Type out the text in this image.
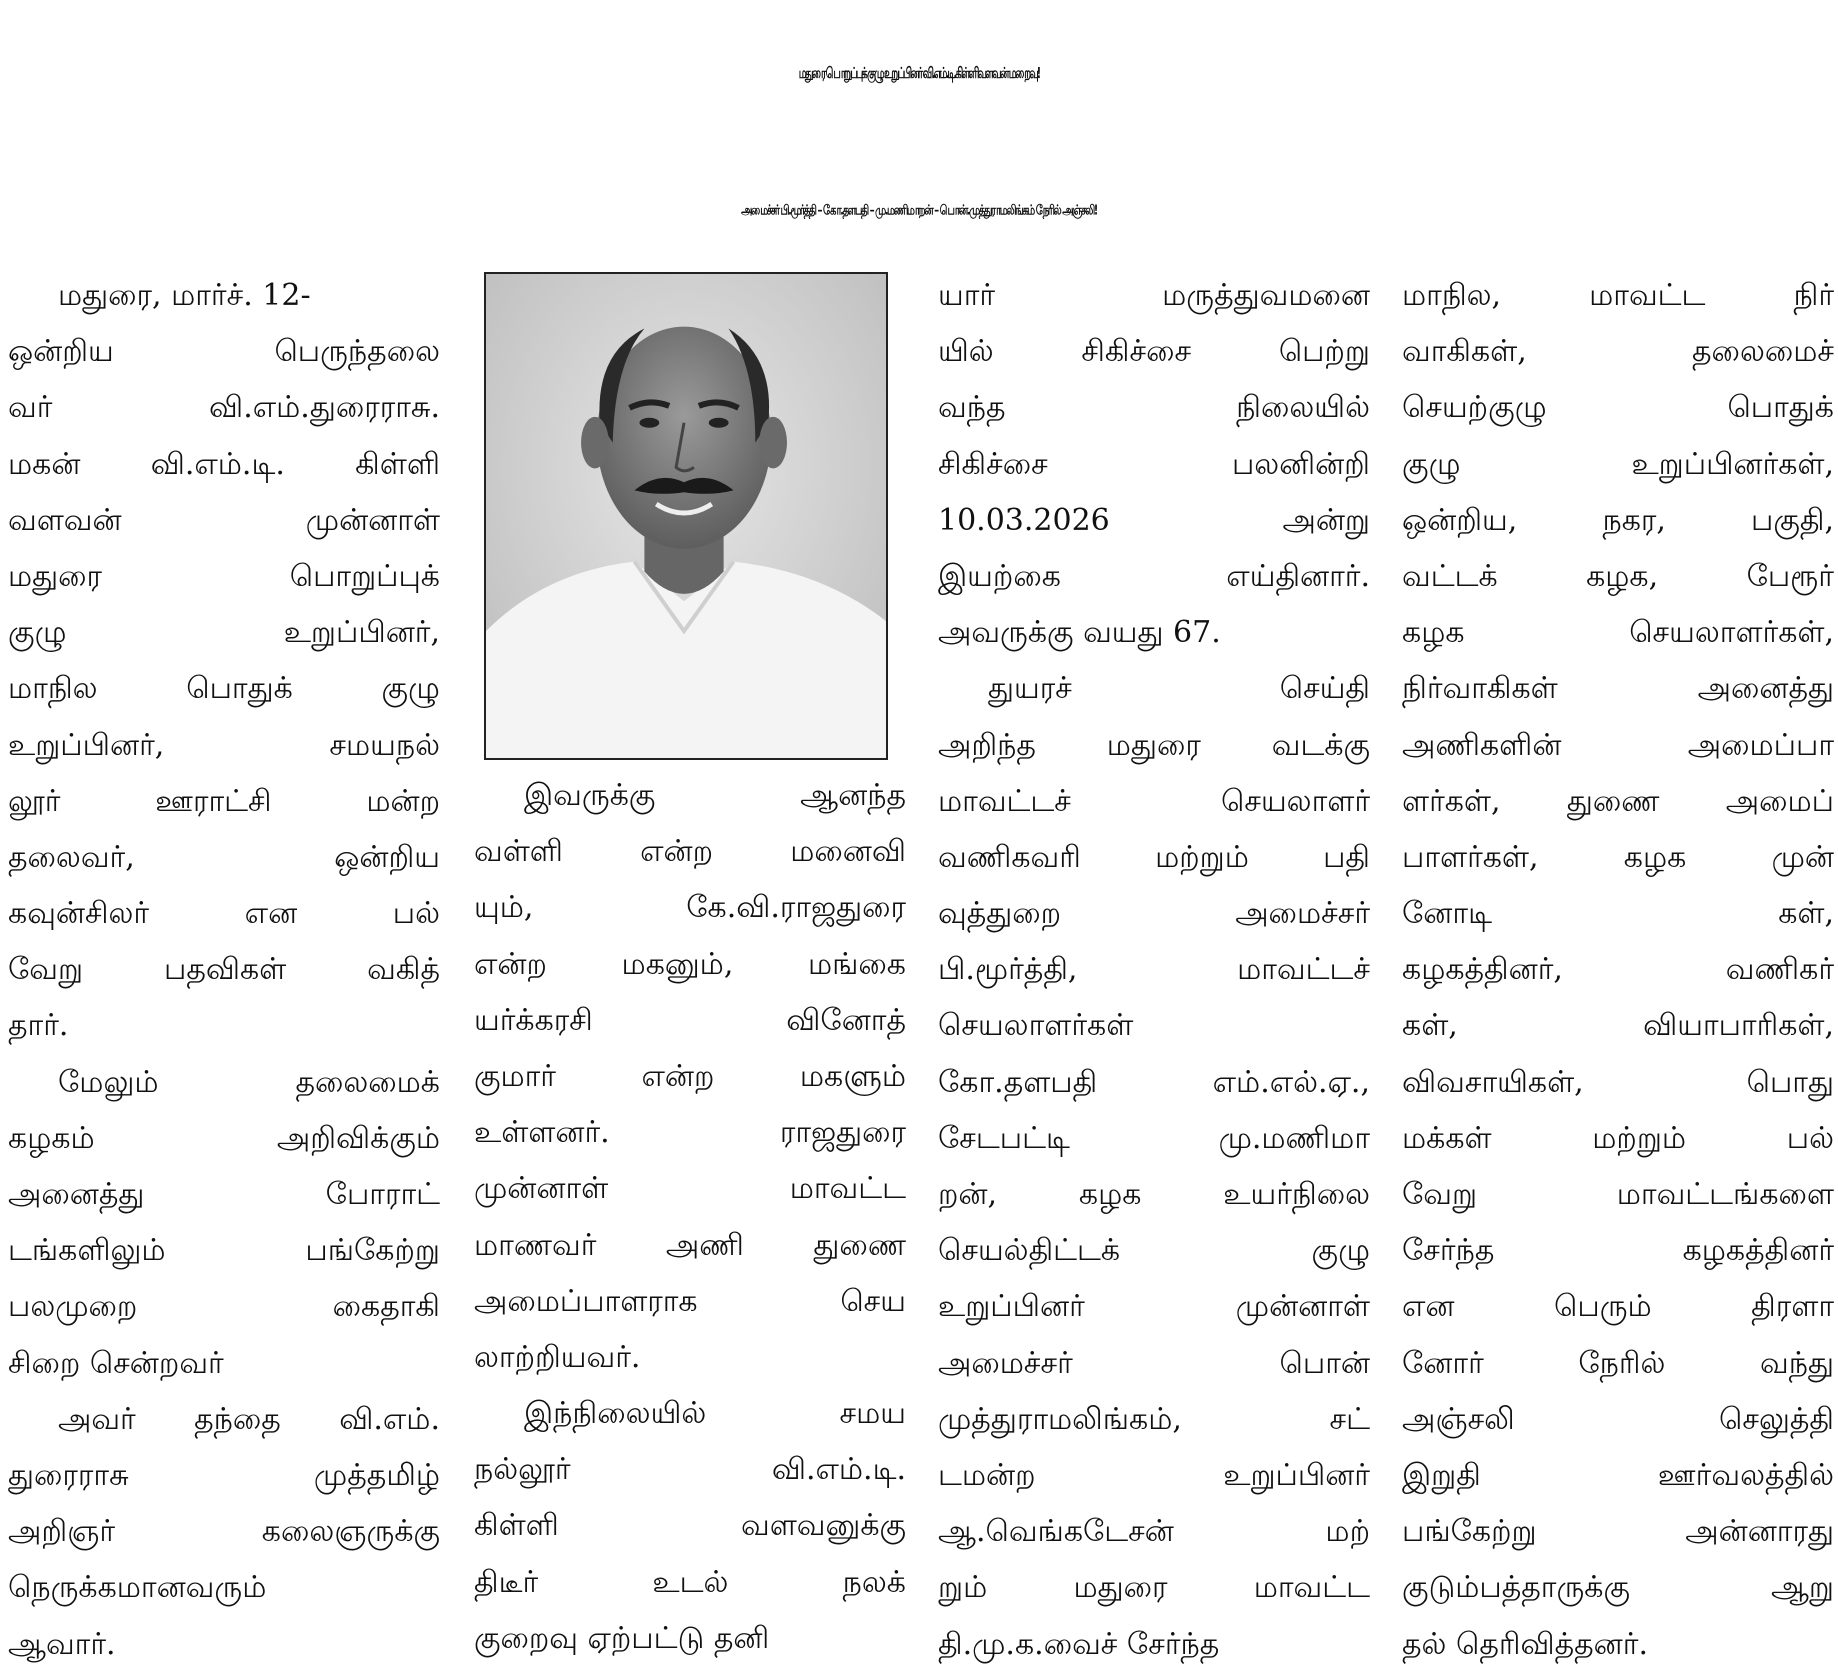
மதுரை பொறுப்புக் குழு உறுப்பினர் வி.எம்.டி.கிள்ளிவளவன் மறைவு!
அமைச்சர் பி.மூர்த்தி – கோ.தளபதி – மு.மணிமாறன் – பொன்.முத்துராமலிங்கம் நேரில் அஞ்சலி!
மதுரை, மார்ச். 12-
ஒன்றிய பெருந்தலை
வர் வி.எம்.துரைராசு.
மகன் வி.எம்.டி. கிள்ளி
வளவன் முன்னாள்
மதுரை பொறுப்புக்
குழு உறுப்பினர்,
மாநில பொதுக் குழு
உறுப்பினர், சமயநல்
லூர் ஊராட்சி மன்ற
தலைவர், ஒன்றிய
கவுன்சிலர் என பல்
வேறு பதவிகள் வகித்
தார்.
மேலும் தலைமைக்
கழகம் அறிவிக்கும்
அனைத்து போராட்
டங்களிலும் பங்கேற்று
பலமுறை கைதாகி
சிறை சென்றவர்
அவர் தந்தை வி.எம்.
துரைராசு முத்தமிழ்
அறிஞர் கலைஞருக்கு
நெருக்கமானவரும்
ஆவார்.
இவருக்கு ஆனந்த
வள்ளி என்ற மனைவி
யும், கே.வி.ராஜதுரை
என்ற மகனும், மங்கை
யர்க்கரசி வினோத்
குமார் என்ற மகளும்
உள்ளனர். ராஜதுரை
முன்னாள் மாவட்ட
மாணவர் அணி துணை
அமைப்பாளராக செய
லாற்றியவர்.
இந்நிலையில் சமய
நல்லூர் வி.எம்.டி.
கிள்ளி வளவனுக்கு
திடீர் உடல் நலக்
குறைவு ஏற்பட்டு தனி
யார் மருத்துவமனை
யில் சிகிச்சை பெற்று
வந்த நிலையில்
சிகிச்சை பலனின்றி
10.03.2026 அன்று
இயற்கை எய்தினார்.
அவருக்கு வயது 67.
துயரச் செய்தி
அறிந்த மதுரை வடக்கு
மாவட்டச் செயலாளர்
வணிகவரி மற்றும் பதி
வுத்துறை அமைச்சர்
பி.மூர்த்தி, மாவட்டச்
செயலாளர்கள்
கோ.தளபதி எம்.எல்.ஏ.,
சேடபட்டி மு.மணிமா
றன், கழக உயர்நிலை
செயல்திட்டக் குழு
உறுப்பினர் முன்னாள்
அமைச்சர் பொன்
முத்துராமலிங்கம், சட்
டமன்ற உறுப்பினர்
ஆ.வெங்கடேசன் மற்
றும் மதுரை மாவட்ட
தி.மு.க.வைச் சேர்ந்த
மாநில, மாவட்ட நிர்
வாகிகள், தலைமைச்
செயற்குழு பொதுக்
குழு உறுப்பினர்கள்,
ஒன்றிய, நகர, பகுதி,
வட்டக் கழக, பேரூர்
கழக செயலாளர்கள்,
நிர்வாகிகள் அனைத்து
அணிகளின் அமைப்பா
ளர்கள், துணை அமைப்
பாளர்கள், கழக முன்
னோடி கள்,
கழகத்தினர், வணிகர்
கள், வியாபாரிகள்,
விவசாயிகள், பொது
மக்கள் மற்றும் பல்
வேறு மாவட்டங்களை
சேர்ந்த கழகத்தினர்
என பெரும் திரளா
னோர் நேரில் வந்து
அஞ்சலி செலுத்தி
இறுதி ஊர்வலத்தில்
பங்கேற்று அன்னாரது
குடும்பத்தாருக்கு ஆறு
தல் தெரிவித்தனர்.
